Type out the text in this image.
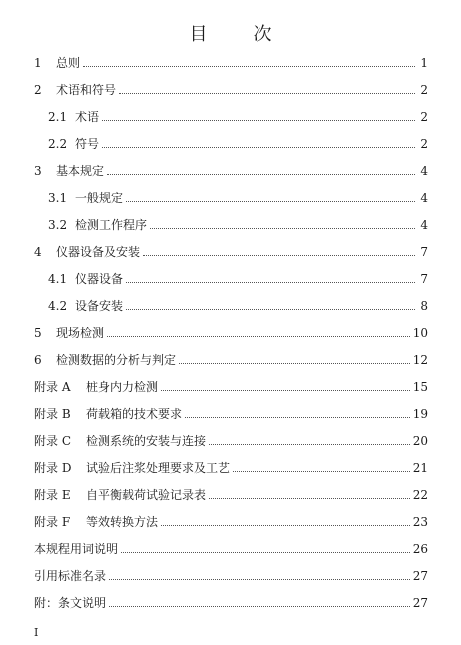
目　次
1	总则	1
2	术语和符号	2
2.1 术语	2
2.2 符号	2
3	基本规定	4
3.1 一般规定	4
3.2 检测工作程序	4
4	仪器设备及安装	7
4.1 仪器设备	7
4.2 设备安装	8
5	现场检测	10
6	检测数据的分析与判定	12
附录 A	桩身内力检测	15
附录 B	荷载箱的技术要求	19
附录 C	检测系统的安装与连接	20
附录 D	试验后注浆处理要求及工艺	21
附录 E	自平衡载荷试验记录表	22
附录 F	等效转换方法	23
本规程用词说明	26
引用标准名录	27
附：条文说明	27
I
